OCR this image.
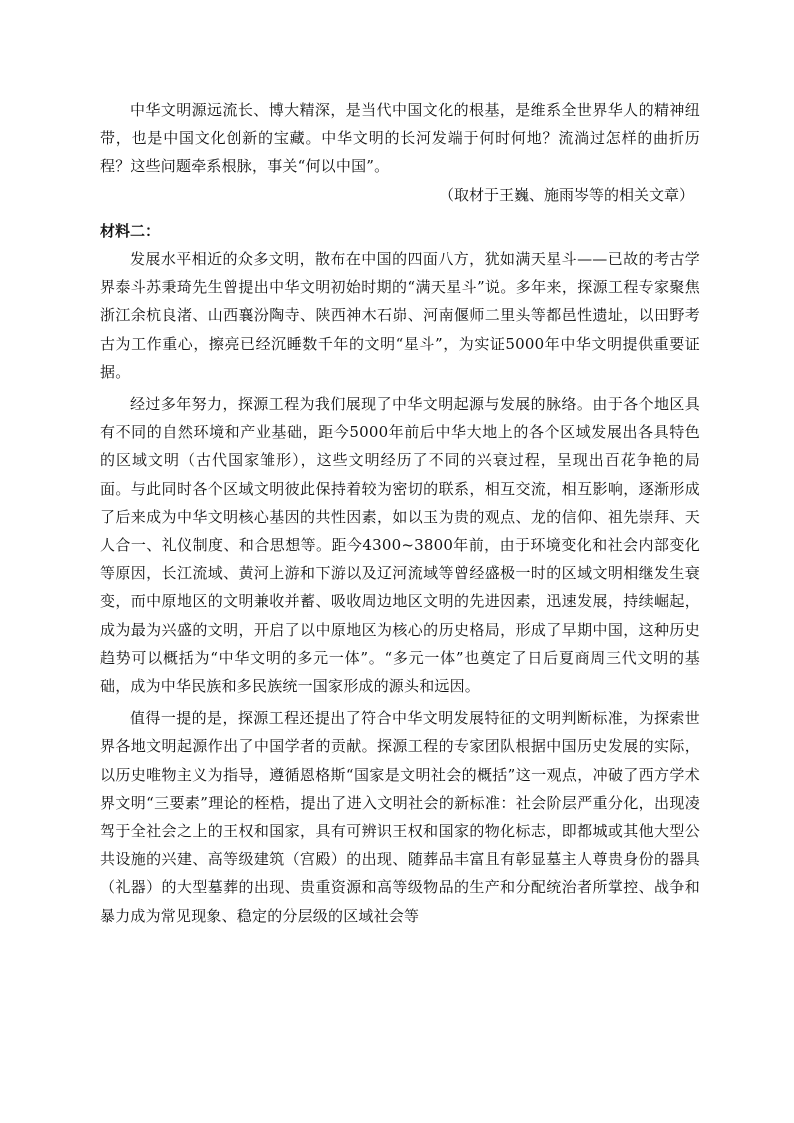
中华文明源远流长、博大精深，是当代中国文化的根基，是维系全世界华人的精神纽带，也是中国文化创新的宝藏。中华文明的长河发端于何时何地？流淌过怎样的曲折历程？这些问题牵系根脉，事关“何以中国”。

（取材于王巍、施雨岑等的相关文章）

材料二：

发展水平相近的众多文明，散布在中国的四面八方，犹如满天星斗——已故的考古学界泰斗苏秉琦先生曾提出中华文明初始时期的“满天星斗”说。多年来，探源工程专家聚焦浙江余杭良渚、山西襄汾陶寺、陕西神木石峁、河南偃师二里头等都邑性遗址，以田野考古为工作重心，擦亮已经沉睡数千年的文明“星斗”，为实证5000年中华文明提供重要证据。

经过多年努力，探源工程为我们展现了中华文明起源与发展的脉络。由于各个地区具有不同的自然环境和产业基础，距今5000年前后中华大地上的各个区域发展出各具特色的区域文明（古代国家雏形），这些文明经历了不同的兴衰过程，呈现出百花争艳的局面。与此同时各个区域文明彼此保持着较为密切的联系，相互交流，相互影响，逐渐形成了后来成为中华文明核心基因的共性因素，如以玉为贵的观点、龙的信仰、祖先崇拜、天人合一、礼仪制度、和合思想等。距今4300~3800年前，由于环境变化和社会内部变化等原因，长江流域、黄河上游和下游以及辽河流域等曾经盛极一时的区域文明相继发生衰变，而中原地区的文明兼收并蓄、吸收周边地区文明的先进因素，迅速发展，持续崛起，成为最为兴盛的文明，开启了以中原地区为核心的历史格局，形成了早期中国，这种历史趋势可以概括为“中华文明的多元一体”。“多元一体”也奠定了日后夏商周三代文明的基础，成为中华民族和多民族统一国家形成的源头和远因。

值得一提的是，探源工程还提出了符合中华文明发展特征的文明判断标准，为探索世界各地文明起源作出了中国学者的贡献。探源工程的专家团队根据中国历史发展的实际，以历史唯物主义为指导，遵循恩格斯“国家是文明社会的概括”这一观点，冲破了西方学术界文明“三要素”理论的桎梏，提出了进入文明社会的新标准：社会阶层严重分化，出现凌驾于全社会之上的王权和国家，具有可辨识王权和国家的物化标志，即都城或其他大型公共设施的兴建、高等级建筑（宫殿）的出现、随葬品丰富且有彰显墓主人尊贵身份的器具（礼器）的大型墓葬的出现、贵重资源和高等级物品的生产和分配统治者所掌控、战争和暴力成为常见现象、稳定的分层级的区域社会等
